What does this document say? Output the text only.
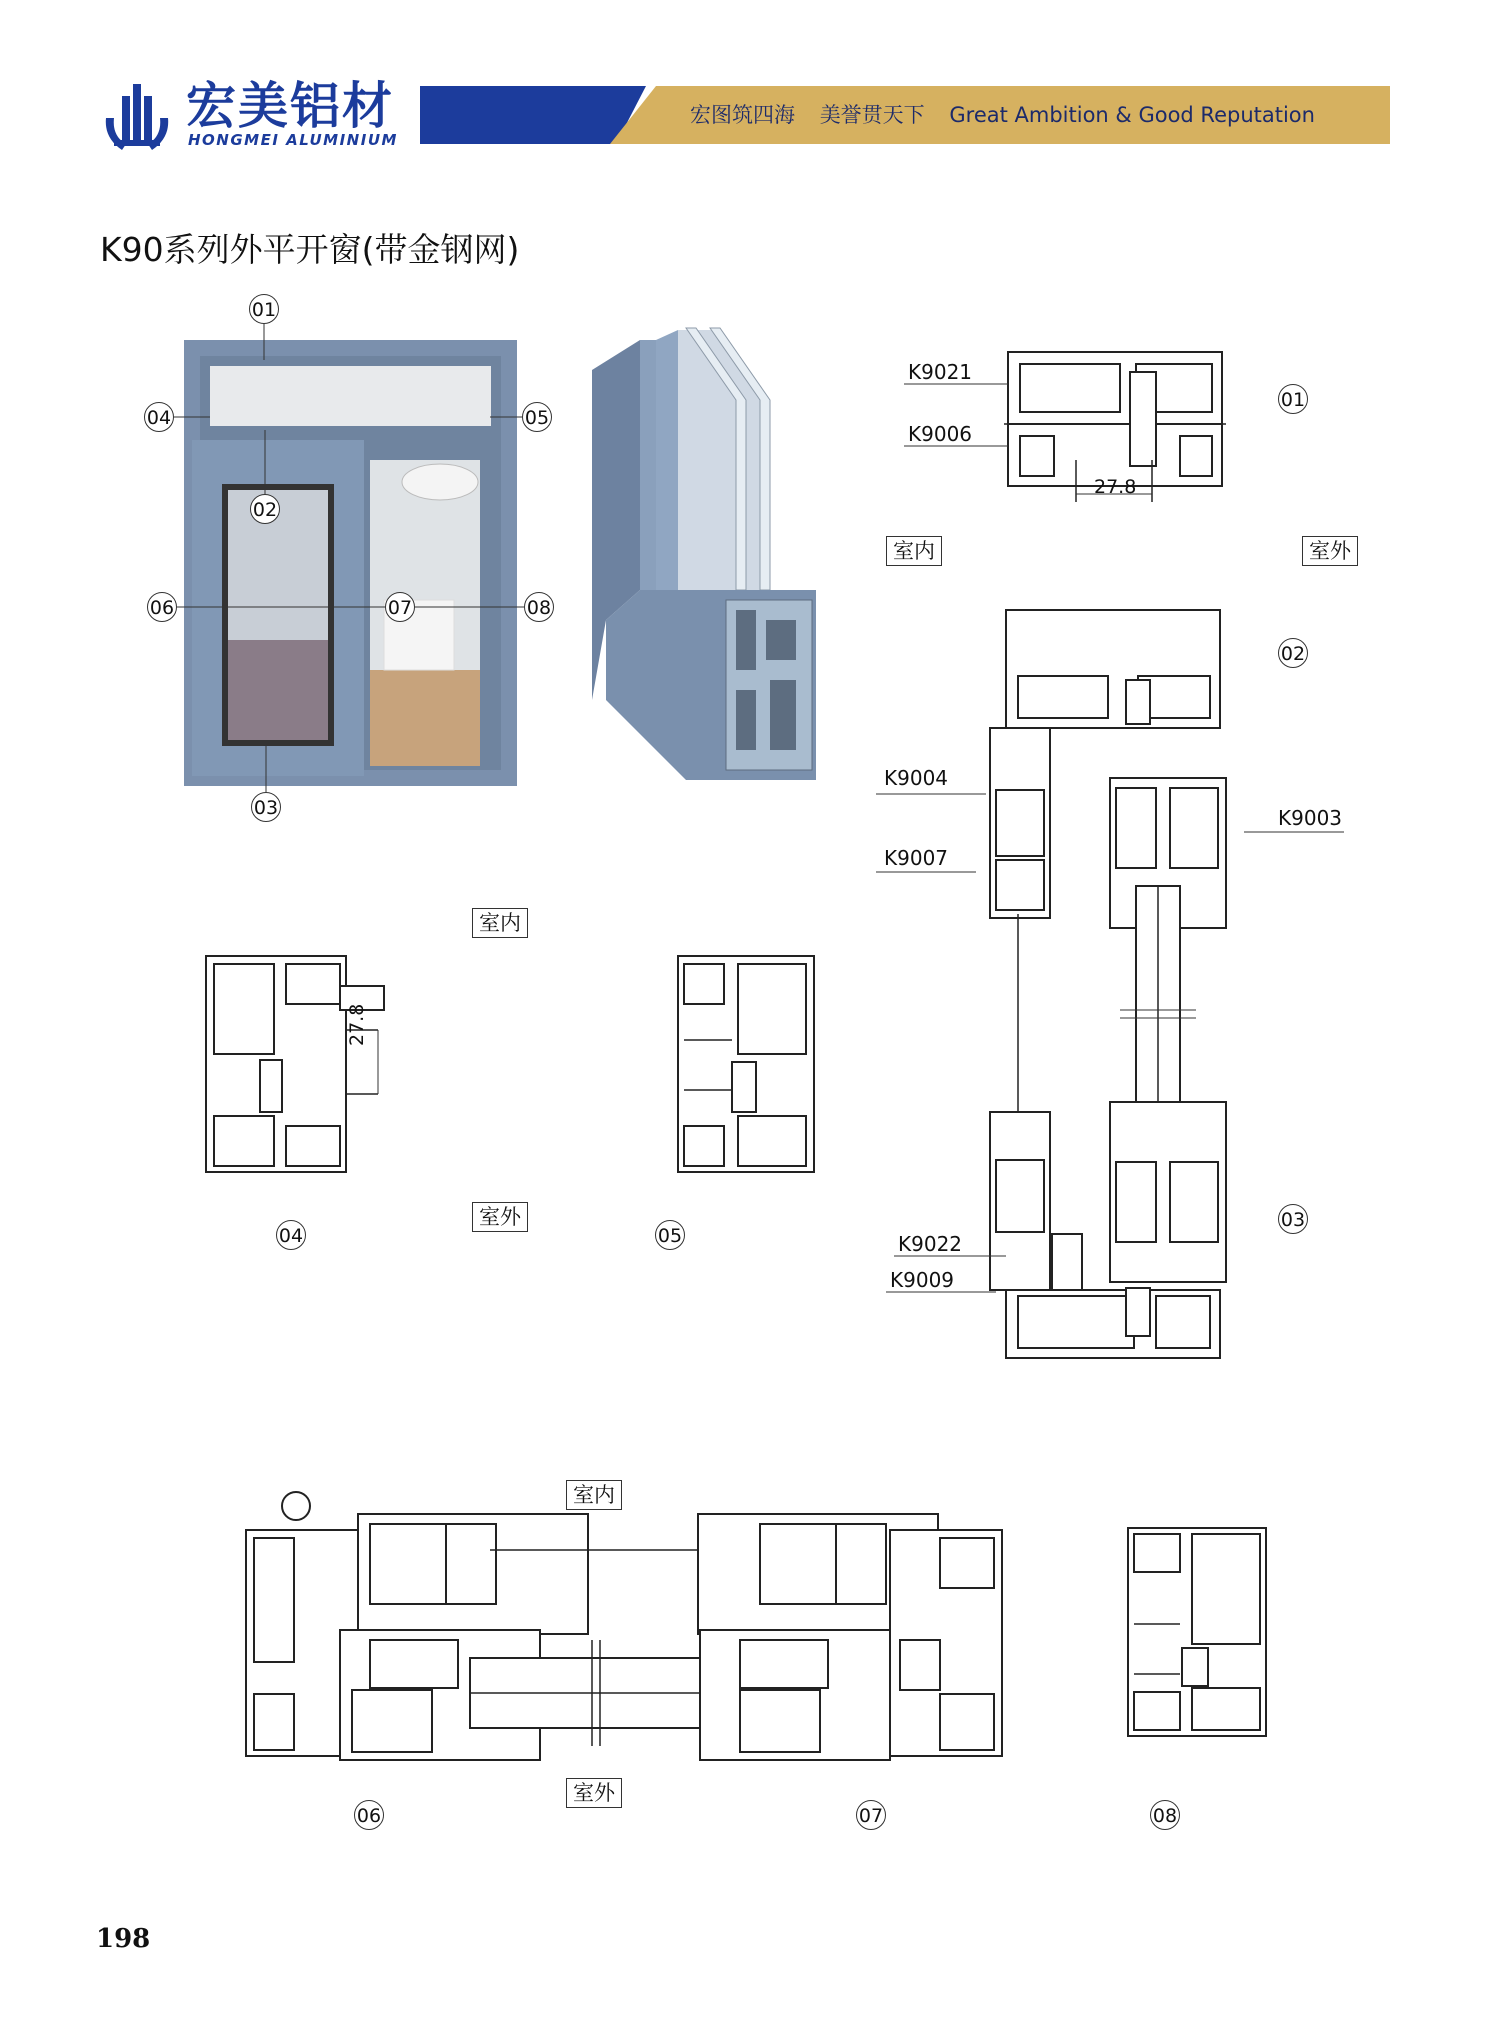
宏美铝材
HONGMEI ALUMINIUM
宏图筑四海 美誉贯天下 Great Ambition & Good Reputation
K90系列外平开窗(带金钢网)
01
04	05
02
06	07	08
03
27.8
K9021
K9006
01
室内	室外
02
03
K9004
K9007
K9003
K9022
K9009
室内
室外
27.8
04	05
室内
室外
06	07	08
198
